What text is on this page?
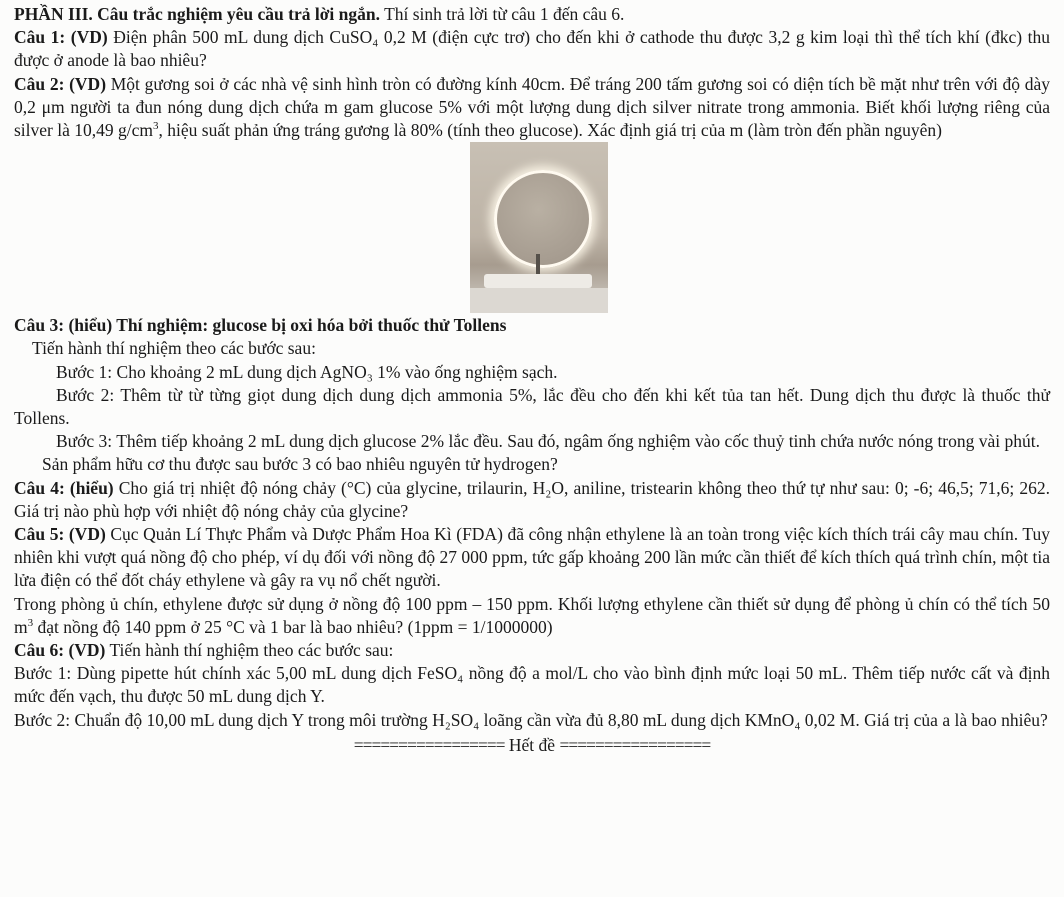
PHẦN III. Câu trắc nghiệm yêu cầu trả lời ngắn. Thí sinh trả lời từ câu 1 đến câu 6.

Câu 1: (VD) Điện phân 500 mL dung dịch CuSO₄ 0,2 M (điện cực trơ) cho đến khi ở cathode thu được 3,2 g kim loại thì thể tích khí (đkc) thu được ở anode là bao nhiêu?

Câu 2: (VD) Một gương soi ở các nhà vệ sinh hình tròn có đường kính 40cm. Để tráng 200 tấm gương soi có diện tích bề mặt như trên với độ dày 0,2 μm người ta đun nóng dung dịch chứa m gam glucose 5% với một lượng dung dịch silver nitrate trong ammonia. Biết khối lượng riêng của silver là 10,49 $g/cm^3$, hiệu suất phản ứng tráng gương là 80% (tính theo glucose). Xác định giá trị của m (làm tròn đến phần nguyên)

Câu 3: (hiểu) Thí nghiệm: glucose bị oxi hóa bởi thuốc thử Tollens

Tiến hành thí nghiệm theo các bước sau:

Bước 1: Cho khoảng 2 mL dung dịch AgNO₃ 1% vào ống nghiệm sạch.

Bước 2: Thêm từ từ từng giọt dung dịch dung dịch ammonia 5%, lắc đều cho đến khi kết tủa tan hết. Dung dịch thu được là thuốc thử Tollens.

Bước 3: Thêm tiếp khoảng 2 mL dung dịch glucose 2% lắc đều. Sau đó, ngâm ống nghiệm vào cốc thuỷ tinh chứa nước nóng trong vài phút.

Sản phẩm hữu cơ thu được sau bước 3 có bao nhiêu nguyên tử hydrogen?

Câu 4: (hiểu) Cho giá trị nhiệt độ nóng chảy (°C) của glycine, trilaurin, H₂O, aniline, tristearin không theo thứ tự như sau: 0; -6; 46,5; 71,6; 262. Giá trị nào phù hợp với nhiệt độ nóng chảy của glycine?

Câu 5: (VD) Cục Quản Lí Thực Phẩm và Dược Phẩm Hoa Kì (FDA) đã công nhận ethylene là an toàn trong việc kích thích trái cây mau chín. Tuy nhiên khi vượt quá nồng độ cho phép, ví dụ đối với nồng độ 27 000 ppm, tức gấp khoảng 200 lần mức cần thiết để kích thích quá trình chín, một tia lửa điện có thể đốt cháy ethylene và gây ra vụ nổ chết người.

Trong phòng ủ chín, ethylene được sử dụng ở nồng độ 100 ppm – 150 ppm. Khối lượng ethylene cần thiết sử dụng để phòng ủ chín có thể tích 50 $m^3$ đạt nồng độ 140 ppm ở 25 °C và 1 bar là bao nhiêu? (1ppm = 1/1000000)

Câu 6: (VD) Tiến hành thí nghiệm theo các bước sau:

Bước 1: Dùng pipette hút chính xác 5,00 mL dung dịch FeSO₄ nồng độ a mol/L cho vào bình định mức loại 50 mL. Thêm tiếp nước cất và định mức đến vạch, thu được 50 mL dung dịch Y.

Bước 2: Chuẩn độ 10,00 mL dung dịch Y trong môi trường H₂SO₄ loãng cần vừa đủ 8,80 mL dung dịch KMnO₄ 0,02 M. Giá trị của a là bao nhiêu?

================= Hết đề =================
